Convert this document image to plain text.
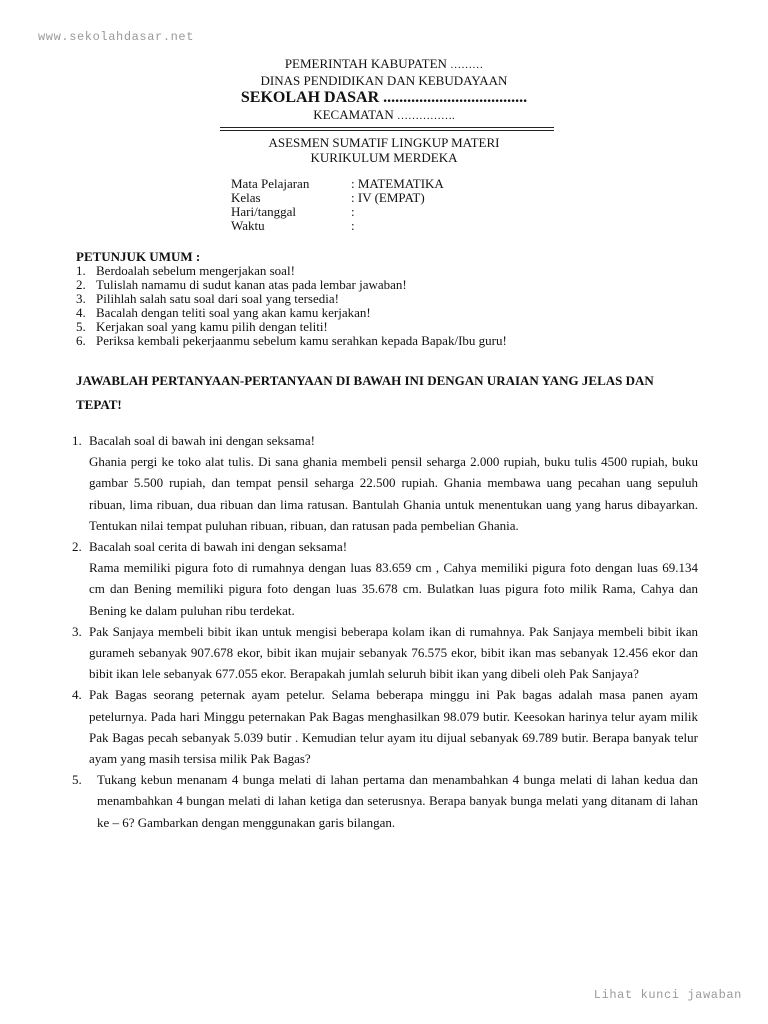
www.sekolahdasar.net
PEMERINTAH KABUPATEN ………
DINAS PENDIDIKAN DAN KEBUDAYAAN
SEKOLAH DASAR ....................................
KECAMATAN …………….
ASESMEN SUMATIF LINGKUP MATERI
KURIKULUM MERDEKA
Mata Pelajaran	: MATEMATIKA
Kelas	: IV (EMPAT)
Hari/tanggal	:
Waktu	:
PETUNJUK UMUM :
1. Berdoalah sebelum mengerjakan soal!
2. Tulislah namamu di sudut kanan atas pada lembar jawaban!
3. Pilihlah salah satu soal dari soal yang tersedia!
4. Bacalah dengan teliti soal yang akan kamu kerjakan!
5. Kerjakan soal yang kamu pilih dengan teliti!
6. Periksa kembali pekerjaanmu sebelum kamu serahkan kepada Bapak/Ibu guru!
JAWABLAH PERTANYAAN-PERTANYAAN DI BAWAH INI DENGAN URAIAN YANG JELAS DAN TEPAT!
1. Bacalah soal di bawah ini dengan seksama!
Ghania pergi ke toko alat tulis. Di sana ghania membeli pensil seharga 2.000 rupiah, buku tulis 4500 rupiah, buku gambar 5.500 rupiah, dan tempat pensil seharga 22.500 rupiah. Ghania membawa uang pecahan uang sepuluh ribuan, lima ribuan, dua ribuan dan lima ratusan. Bantulah Ghania untuk menentukan uang yang harus dibayarkan. Tentukan nilai tempat puluhan ribuan, ribuan, dan ratusan pada pembelian Ghania.
2. Bacalah soal cerita di bawah ini dengan seksama!
Rama memiliki pigura foto di rumahnya dengan luas 83.659 cm , Cahya memiliki pigura foto dengan luas 69.134 cm dan Bening memiliki pigura foto dengan luas 35.678 cm. Bulatkan luas pigura foto milik Rama, Cahya dan Bening ke dalam puluhan ribu terdekat.
3. Pak Sanjaya membeli bibit ikan untuk mengisi beberapa kolam ikan di rumahnya. Pak Sanjaya membeli bibit ikan gurameh sebanyak 907.678 ekor, bibit ikan mujair sebanyak 76.575 ekor, bibit ikan mas sebanyak 12.456 ekor dan bibit ikan lele sebanyak 677.055 ekor. Berapakah jumlah seluruh bibit ikan yang dibeli oleh Pak Sanjaya?
4. Pak Bagas seorang peternak ayam petelur. Selama beberapa minggu ini Pak bagas adalah masa panen ayam petelurnya. Pada hari Minggu peternakan Pak Bagas menghasilkan 98.079 butir. Keesokan harinya telur ayam milik Pak Bagas pecah sebanyak 5.039 butir . Kemudian telur ayam itu dijual sebanyak 69.789 butir. Berapa banyak telur ayam yang masih tersisa milik Pak Bagas?
5.	Tukang kebun menanam 4 bunga melati di lahan pertama dan menambahkan 4 bunga melati di lahan kedua dan menambahkan 4 bungan melati di lahan ketiga dan seterusnya. Berapa banyak bunga melati yang ditanam di lahan ke – 6? Gambarkan dengan menggunakan garis bilangan.
Lihat kunci jawaban
